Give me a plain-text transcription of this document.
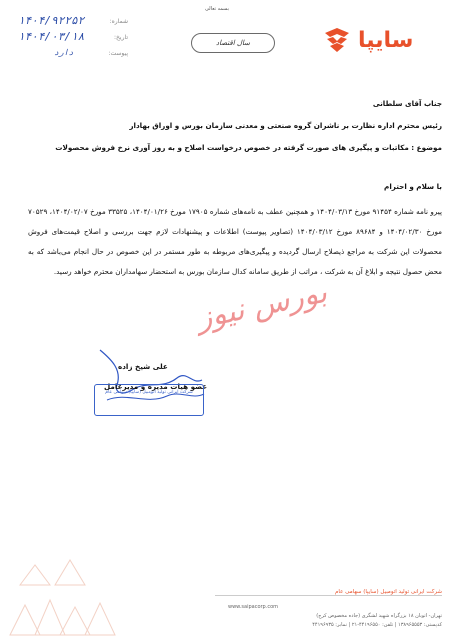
بسمه تعالی
سایپا
سال اقتصاد
شماره:
۱۴۰۴/۹۲۲۵۲
تاریخ:
۱۴۰۴/۰۳/۱۸
پیوست:
دارد
جناب آقای سلطانی
رئیس محترم اداره نظارت بر ناشران گروه صنعتی و معدنی سازمان بورس و اوراق بهادار
موضوع : مکاتبات و پیگیری های صورت گرفته در خصوص درخواست اصلاح و به روز آوری نرخ فروش محصولات
با سلام و احترام
پیرو نامه شماره ۹۱۴۵۴ مورخ ۱۴۰۴/۰۳/۱۳ و همچنین عطف به نامه‌های شماره ۱۷۹۰۵ مورخ ۱۴۰۴/۰۱/۲۶، ۳۳۵۲۵ مورخ ۱۴۰۴/۰۲/۰۷، ۷۰۵۲۹ مورخ ۱۴۰۴/۰۲/۳۰ و ۸۹۶۸۴ مورخ ۱۴۰۴/۰۳/۱۲ (تصاویر پیوست) اطلاعات و پیشنهادات لازم جهت بررسی و اصلاح قیمت‌های فروش محصولات این شرکت به مراجع ذیصلاح ارسال گردیده و پیگیری‌های مربوطه به طور مستمر در این خصوص در حال انجام می‌باشد که به محض حصول نتیجه و ابلاغ آن به شرکت ، مراتب از طریق سامانه کدال سازمان بورس به استحضار سهامداران محترم خواهد رسید.
بورس نیوز
علی شیخ زاده
عضو هیات مدیره و مدیرعامل
شرکت ایرانی تولید اتومبیل (سایپا) سهامی عام
شرکت ایرانی تولید اتومبیل (سایپا) سهامی عام
تهران- اتوبان ۱۸ بزرگراه شهید لشگری (جاده مخصوص کرج)
کدپستی: ۱۳۸۹۶۵۵۵۳ | تلفن: ۴۴۱۹۶۵۵۰-۲۱ | نمابر: ۴۴۱۹۶۹۳۵
www.saipacorp.com
